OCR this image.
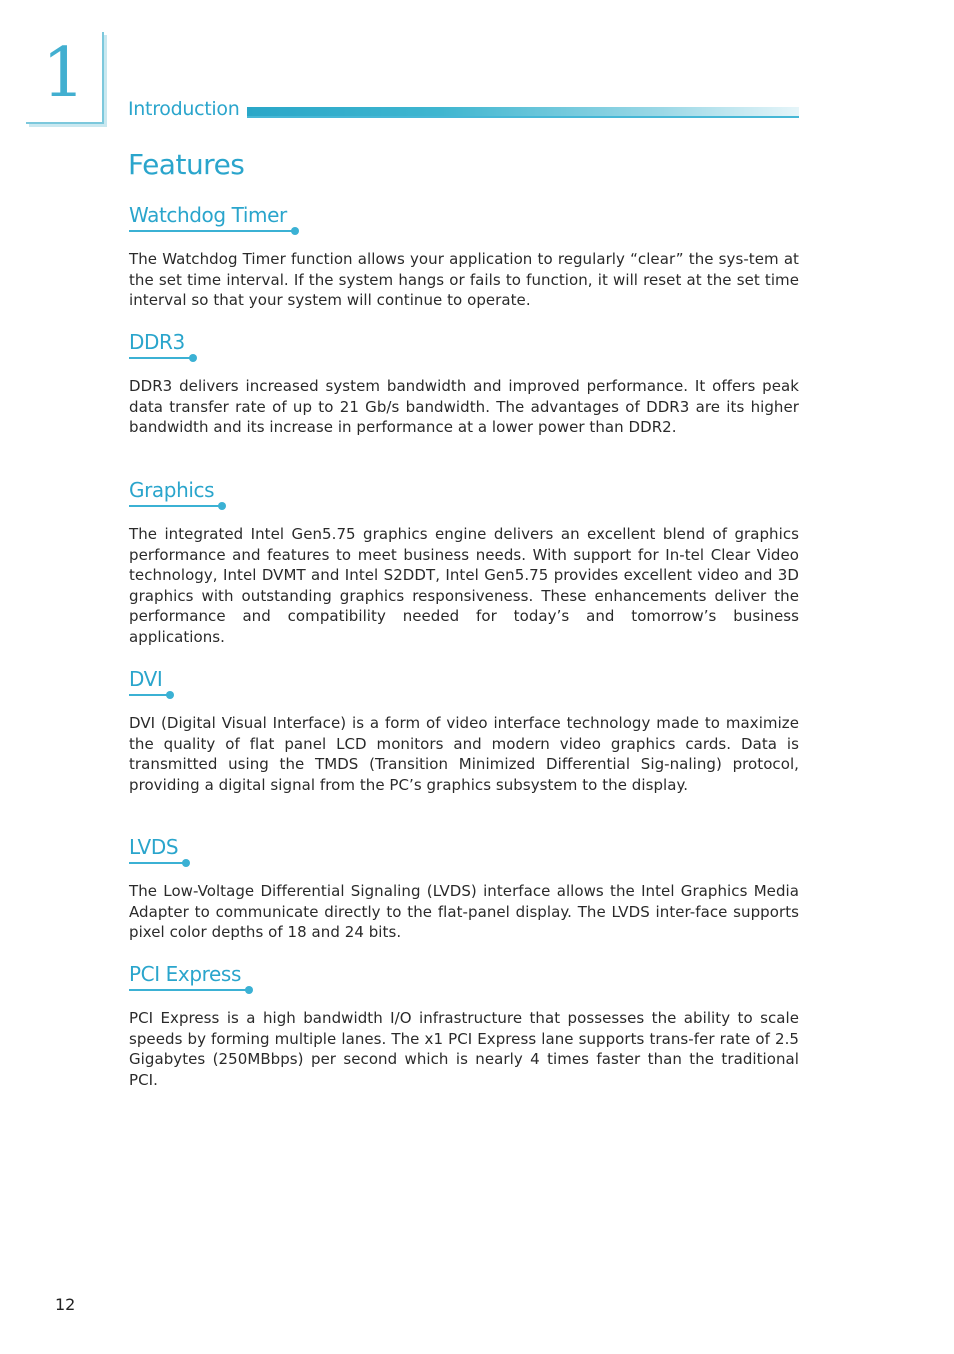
1 Introduction
Features
Watchdog Timer

The Watchdog Timer function allows your application to regularly “clear” the sys-tem at the set time interval. If the system hangs or fails to function, it will reset at the set time interval so that your system will continue to operate.

DDR3

DDR3 delivers increased system bandwidth and improved performance. It offers peak data transfer rate of up to 21 Gb/s bandwidth. The advantages of DDR3 are its higher bandwidth and its increase in performance at a lower power than DDR2.

Graphics

The integrated Intel Gen5.75 graphics engine delivers an excellent blend of graphics performance and features to meet business needs. With support for In-tel Clear Video technology, Intel DVMT and Intel S2DDT, Intel Gen5.75 provides excellent video and 3D graphics with outstanding graphics responsiveness. These enhancements deliver the performance and compatibility needed for today’s and tomorrow’s business applications.

DVI

DVI (Digital Visual Interface) is a form of video interface technology made to maximize the quality of flat panel LCD monitors and modern video graphics cards. Data is transmitted using the TMDS (Transition Minimized Differential Sig-naling) protocol, providing a digital signal from the PC’s graphics subsystem to the display.

LVDS

The Low-Voltage Differential Signaling (LVDS) interface allows the Intel Graphics Media Adapter to communicate directly to the flat-panel display. The LVDS inter-face supports pixel color depths of 18 and 24 bits.

PCI Express

PCI Express is a high bandwidth I/O infrastructure that possesses the ability to scale speeds by forming multiple lanes. The x1 PCI Express lane supports trans-fer rate of 2.5 Gigabytes (250MBbps) per second which is nearly 4 times faster than the traditional PCI.

12
